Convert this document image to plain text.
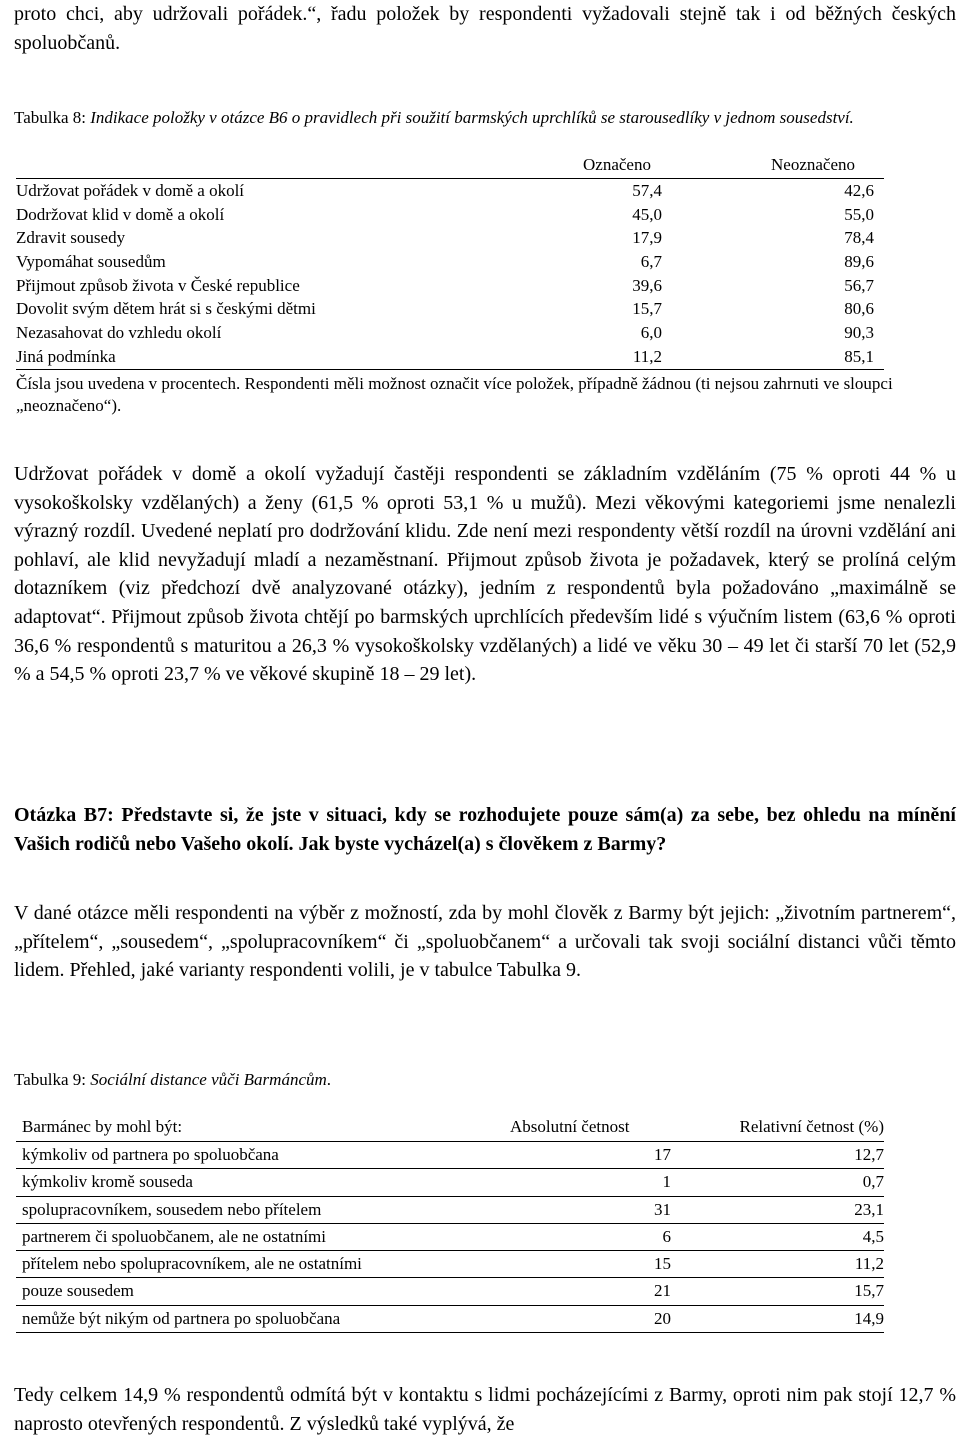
proto chci, aby udržovali pořádek.“, řadu položek by respondenti vyžadovali stejně tak i od běžných českých spoluobčanů.

Tabulka 8: Indikace položky v otázce B6 o pravidlech při soužití barmských uprchlíků se starousedlíky v jednom sousedství.

Označeno	Neoznačeno
Udržovat pořádek v domě a okolí	57,4	42,6
Dodržovat klid v domě a okolí	45,0	55,0
Zdravit sousedy	17,9	78,4
Vypomáhat sousedům	6,7	89,6
Přijmout způsob života v České republice	39,6	56,7
Dovolit svým dětem hrát si s českými dětmi	15,7	80,6
Nezasahovat do vzhledu okolí	6,0	90,3
Jiná podmínka	11,2	85,1

Čísla jsou uvedena v procentech. Respondenti měli možnost označit více položek, případně žádnou (ti nejsou zahrnuti ve sloupci „neoznačeno“).

Udržovat pořádek v domě a okolí vyžadují častěji respondenti se základním vzděláním (75 % oproti 44 % u vysokoškolsky vzdělaných) a ženy (61,5 % oproti 53,1 % u mužů). Mezi věkovými kategoriemi jsme nenalezli výrazný rozdíl. Uvedené neplatí pro dodržování klidu. Zde není mezi respondenty větší rozdíl na úrovni vzdělání ani pohlaví, ale klid nevyžadují mladí a nezaměstnaní. Přijmout způsob života je požadavek, který se prolíná celým dotazníkem (viz předchozí dvě analyzované otázky), jedním z respondentů byla požadováno „maximálně se adaptovat“. Přijmout způsob života chtějí po barmských uprchlících především lidé s výučním listem (63,6 % oproti 36,6 % respondentů s maturitou a 26,3 % vysokoškolsky vzdělaných) a lidé ve věku 30 – 49 let či starší 70 let (52,9 % a 54,5 % oproti 23,7 % ve věkové skupině 18 – 29 let).

Otázka B7: Představte si, že jste v situaci, kdy se rozhodujete pouze sám(a) za sebe, bez ohledu na mínění Vašich rodičů nebo Vašeho okolí. Jak byste vycházel(a) s člověkem z Barmy?

V dané otázce měli respondenti na výběr z možností, zda by mohl člověk z Barmy být jejich: „životním partnerem“, „přítelem“, „sousedem“, „spolupracovníkem“ či „spoluobčanem“ a určovali tak svoji sociální distanci vůči těmto lidem. Přehled, jaké varianty respondenti volili, je v tabulce Tabulka 9.

Tabulka 9: Sociální distance vůči Barmáncům.

Barmánec by mohl být:	Absolutní četnost	Relativní četnost (%)
kýmkoliv od partnera po spoluobčana	17	12,7
kýmkoliv kromě souseda	1	0,7
spolupracovníkem, sousedem nebo přítelem	31	23,1
partnerem či spoluobčanem, ale ne ostatními	6	4,5
přítelem nebo spolupracovníkem, ale ne ostatními	15	11,2
pouze sousedem	21	15,7
nemůže být nikým od partnera po spoluobčana	20	14,9

Tedy celkem 14,9 % respondentů odmítá být v kontaktu s lidmi pocházejícími z Barmy, oproti nim pak stojí 12,7 % naprosto otevřených respondentů. Z výsledků také vyplývá, že
